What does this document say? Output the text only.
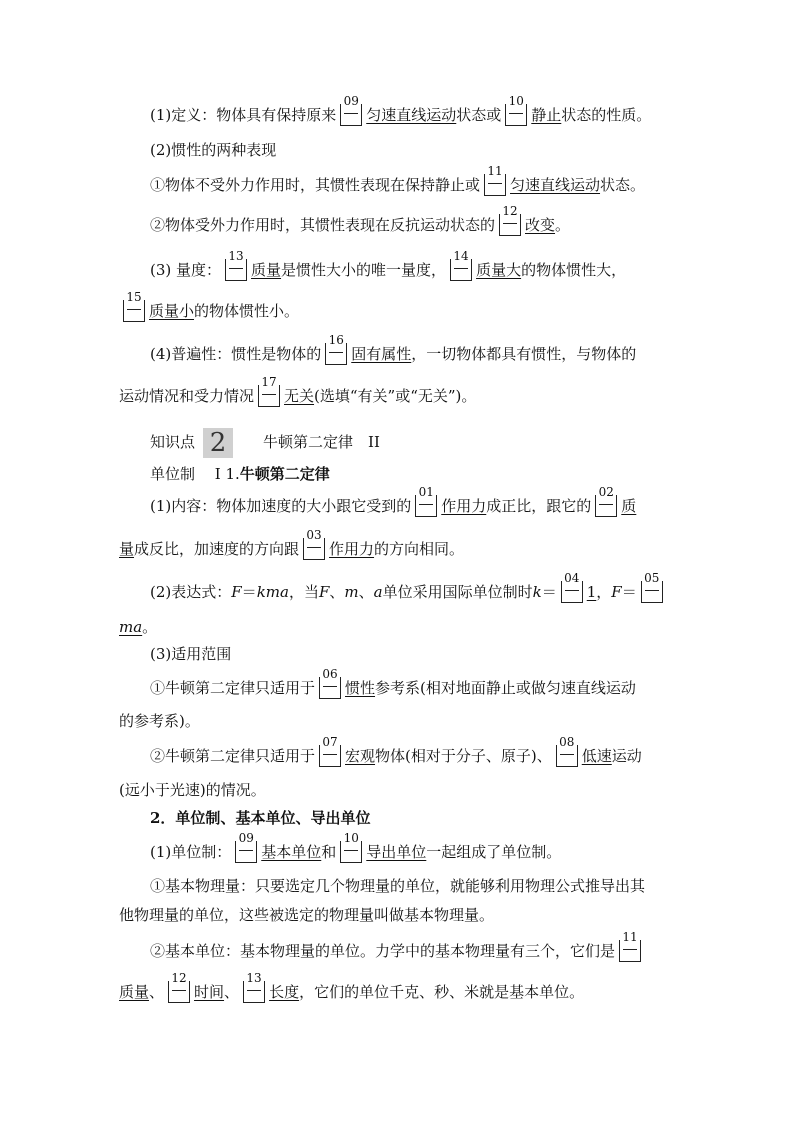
(1)定义：物体具有保持原来
09
匀速直线运动状态或
10
静止状态的性质。
(2)惯性的两种表现
①物体不受外力作用时，其惯性表现在保持静止或
11
匀速直线运动状态。
②物体受外力作用时，其惯性表现在反抗运动状态的
12
改变。
(3) 量度：
13
质量是惯性大小的唯一量度，
14
质量大的物体惯性大，
15
质量小的物体惯性小。
(4)普遍性：惯性是物体的
16
固有属性，一切物体都具有惯性，与物体的
运动情况和受力情况
17
无关(选填“有关”或“无关”)。
知识点 2 牛顿第二定律　II
单位制　 I 1.牛顿第二定律
(1)内容：物体加速度的大小跟它受到的
01
作用力成正比，跟它的
02
质
量成反比，加速度的方向跟
03
作用力的方向相同。
(2)表达式：F＝kma，当F、m、a单位采用国际单位制时k＝
04
1，F＝
05
ma。
(3)适用范围
①牛顿第二定律只适用于
06
惯性参考系(相对地面静止或做匀速直线运动
的参考系)。
②牛顿第二定律只适用于
07
宏观物体(相对于分子、原子)、
08
低速运动
(远小于光速)的情况。
2．单位制、基本单位、导出单位
(1)单位制：
09
基本单位和
10
导出单位一起组成了单位制。
①基本物理量：只要选定几个物理量的单位，就能够利用物理公式推导出其
他物理量的单位，这些被选定的物理量叫做基本物理量。
②基本单位：基本物理量的单位。力学中的基本物理量有三个，它们是
11
质量、
12
时间、
13
长度，它们的单位千克、秒、米就是基本单位。
